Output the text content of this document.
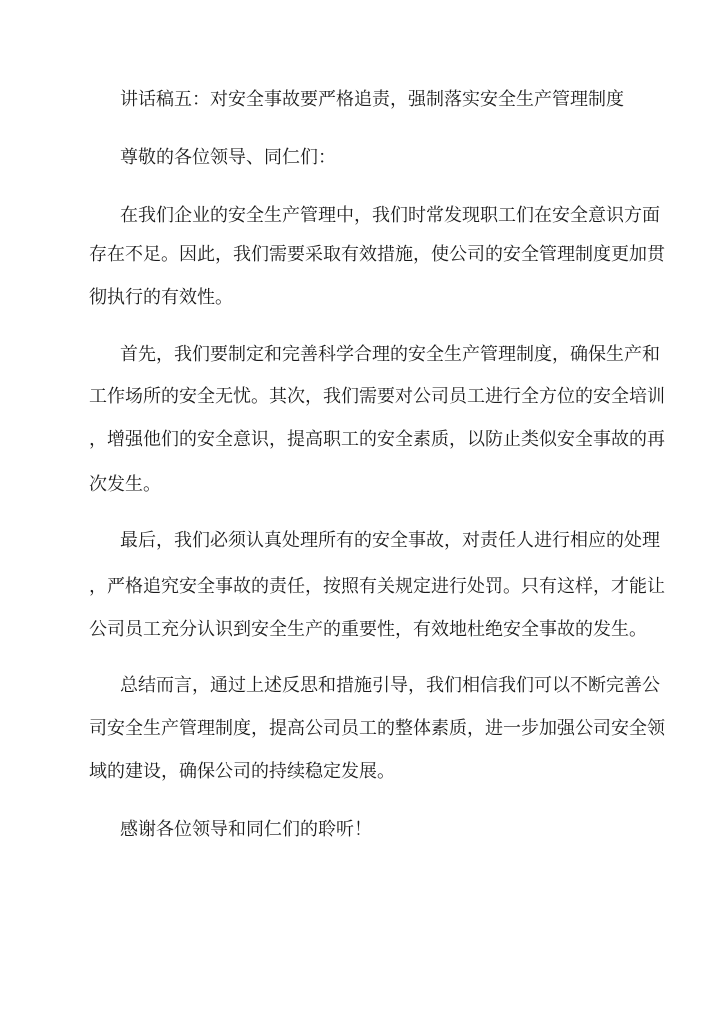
讲话稿五：对安全事故要严格追责，强制落实安全生产管理制度

尊敬的各位领导、同仁们：

在我们企业的安全生产管理中，我们时常发现职工们在安全意识方面

存在不足。因此，我们需要采取有效措施，使公司的安全管理制度更加贯

彻执行的有效性。

首先，我们要制定和完善科学合理的安全生产管理制度，确保生产和

工作场所的安全无忧。其次，我们需要对公司员工进行全方位的安全培训

，增强他们的安全意识，提高职工的安全素质，以防止类似安全事故的再

次发生。

最后，我们必须认真处理所有的安全事故，对责任人进行相应的处理

，严格追究安全事故的责任，按照有关规定进行处罚。只有这样，才能让

公司员工充分认识到安全生产的重要性，有效地杜绝安全事故的发生。

总结而言，通过上述反思和措施引导，我们相信我们可以不断完善公

司安全生产管理制度，提高公司员工的整体素质，进一步加强公司安全领

域的建设，确保公司的持续稳定发展。

感谢各位领导和同仁们的聆听！
